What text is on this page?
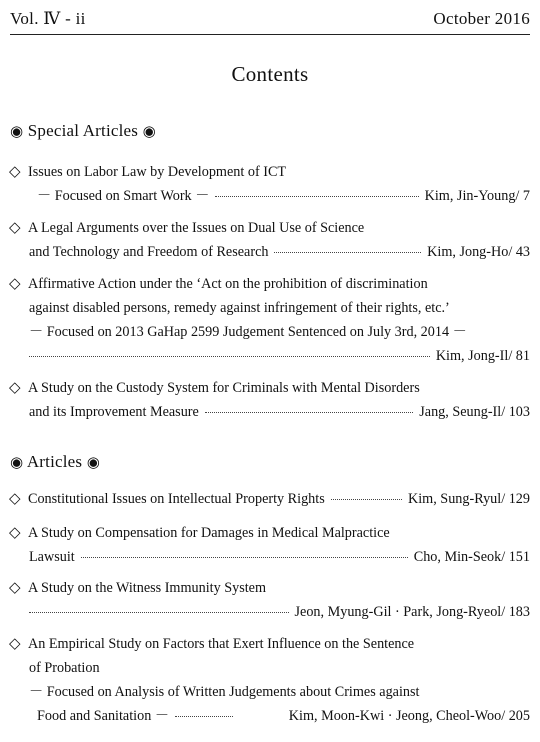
Vol. Ⅳ - ii	October 2016
Contents
◉ Special Articles ◉
◇ Issues on Labor Law by Development of ICT
－ Focused on Smart Work －	Kim, Jin-Young/ 7
◇ A Legal Arguments over the Issues on Dual Use of Science
and Technology and Freedom of Research	Kim, Jong-Ho/ 43
◇ Affirmative Action under the ‘Act on the prohibition of discrimination
against disabled persons, remedy against infringement of their rights, etc.’
－ Focused on 2013 GaHap 2599 Judgement Sentenced on July 3rd, 2014 －
Kim, Jong-Il/ 81
◇ A Study on the Custody System for Criminals with Mental Disorders
and its Improvement Measure	Jang, Seung-Il/ 103
◉ Articles ◉
◇ Constitutional Issues on Intellectual Property Rights	Kim, Sung-Ryul/ 129
◇ A Study on Compensation for Damages in Medical Malpractice
Lawsuit	Cho, Min-Seok/ 151
◇ A Study on the Witness Immunity System
Jeon, Myung-Gil · Park, Jong-Ryeol/ 183
◇ An Empirical Study on Factors that Exert Influence on the Sentence
of Probation
－ Focused on Analysis of Written Judgements about Crimes against
Food and Sanitation －	Kim, Moon-Kwi · Jeong, Cheol-Woo/ 205
